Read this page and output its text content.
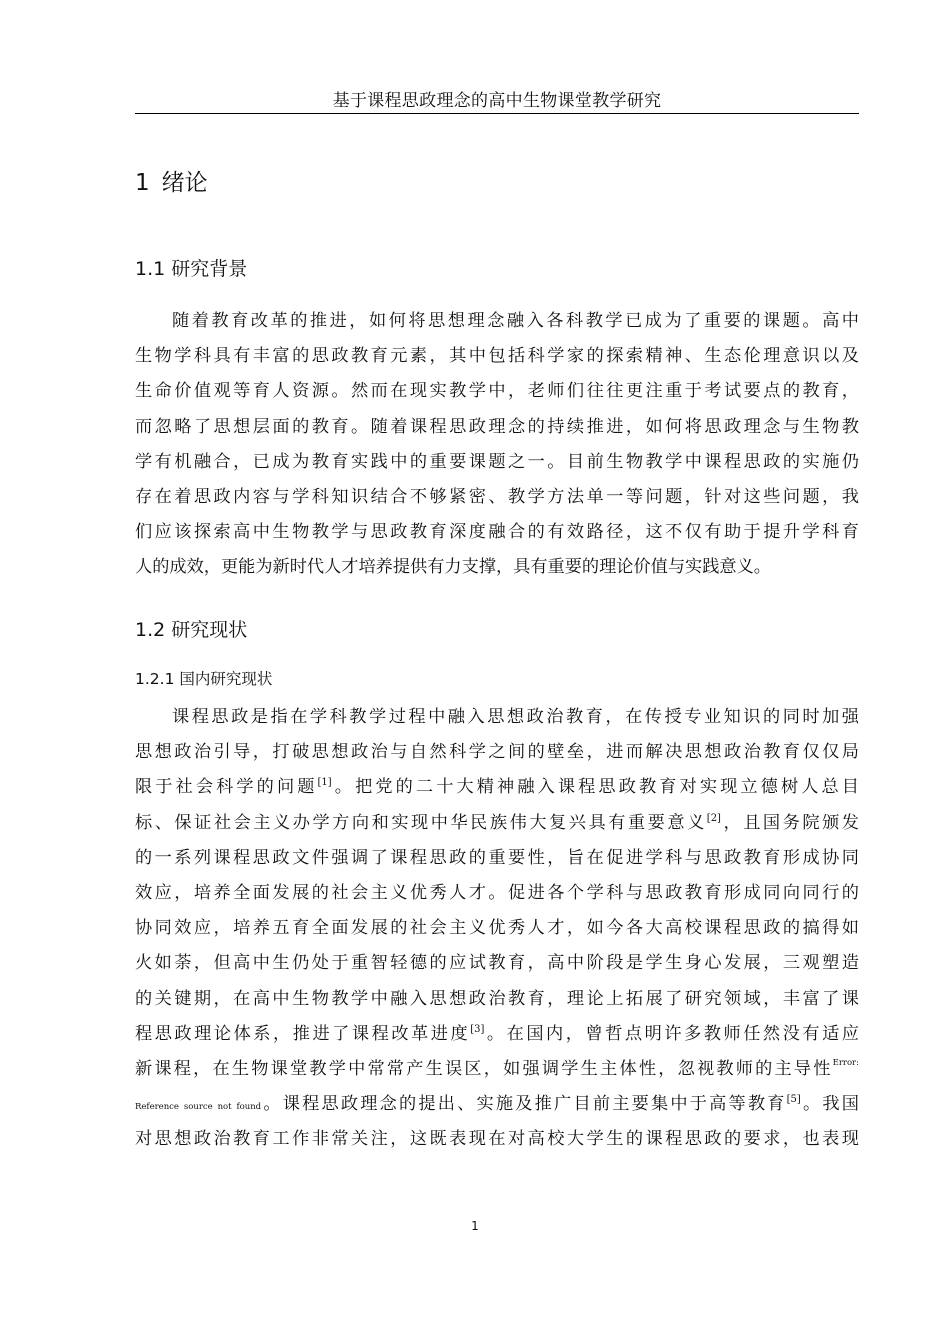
基于课程思政理念的高中生物课堂教学研究
1 绪论
1.1 研究背景
随着教育改革的推进，如何将思想理念融入各科教学已成为了重要的课题。高中
生物学科具有丰富的思政教育元素，其中包括科学家的探索精神、生态伦理意识以及
生命价值观等育人资源。然而在现实教学中，老师们往往更注重于考试要点的教育，
而忽略了思想层面的教育。随着课程思政理念的持续推进，如何将思政理念与生物教
学有机融合，已成为教育实践中的重要课题之一。目前生物教学中课程思政的实施仍
存在着思政内容与学科知识结合不够紧密、教学方法单一等问题，针对这些问题，我
们应该探索高中生物教学与思政教育深度融合的有效路径，这不仅有助于提升学科育
人的成效，更能为新时代人才培养提供有力支撑，具有重要的理论价值与实践意义。
1.2 研究现状
1.2.1 国内研究现状
课程思政是指在学科教学过程中融入思想政治教育，在传授专业知识的同时加强
思想政治引导，打破思想政治与自然科学之间的壁垒，进而解决思想政治教育仅仅局
限于社会科学的问题[1]。把党的二十大精神融入课程思政教育对实现立德树人总目
标、保证社会主义办学方向和实现中华民族伟大复兴具有重要意义[2]，且国务院颁发
的一系列课程思政文件强调了课程思政的重要性，旨在促进学科与思政教育形成协同
效应，培养全面发展的社会主义优秀人才。促进各个学科与思政教育形成同向同行的
协同效应，培养五育全面发展的社会主义优秀人才，如今各大高校课程思政的搞得如
火如荼，但高中生仍处于重智轻德的应试教育，高中阶段是学生身心发展，三观塑造
的关键期，在高中生物教学中融入思想政治教育，理论上拓展了研究领域，丰富了课
程思政理论体系，推进了课程改革进度[3]。在国内，曾哲点明许多教师任然没有适应
新课程，在生物课堂教学中常常产生误区，如强调学生主体性，忽视教师的主导性$^{Error:}$
Reference source not found。课程思政理念的提出、实施及推广目前主要集中于高等教育[5]。我国
对思想政治教育工作非常关注，这既表现在对高校大学生的课程思政的要求，也表现
1
